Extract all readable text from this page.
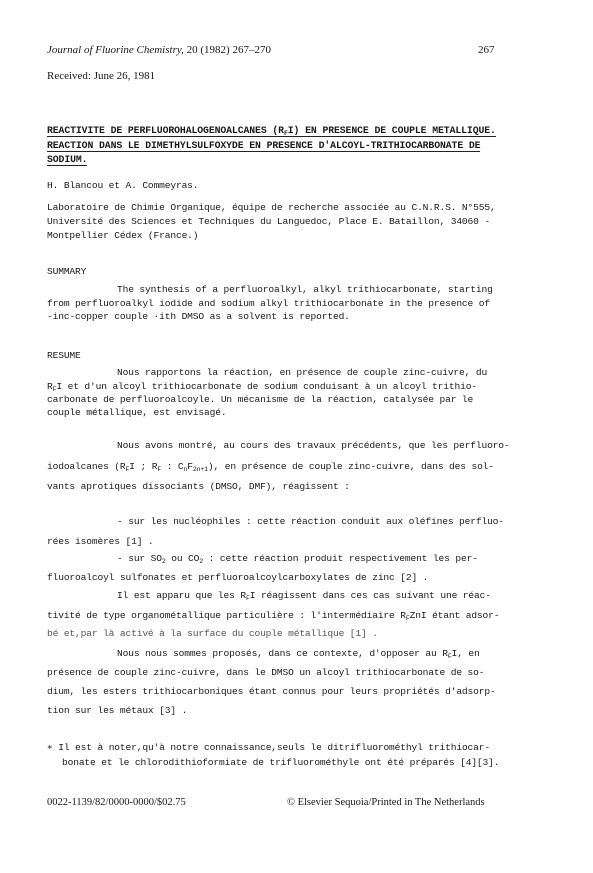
Journal of Fluorine Chemistry, 20 (1982) 267–270	267
Received: June 26, 1981
REACTIVITE DE PERFLUOROHALOGENOALCANES $(R_FI)$ EN PRESENCE DE COUPLE METALLIQUE.
REACTION DANS LE DIMETHYLSULFOXYDE EN PRESENCE D'ALCOYL-TRITHIOCARBONATE DE
SODIUM.
H. Blancou et A. Commeyras.
Laboratoire de Chimie Organique, équipe de recherche associée au C.N.R.S. N°555,
Université des Sciences et Techniques du Languedoc, Place E. Bataillon, 34060 -
Montpellier Cédex (France.)
SUMMARY
The synthesis of a perfluoroalkyl, alkyl trithiocarbonate, starting
from perfluoroalkyl iodide and sodium alkyl trithiocarbonate in the presence of
-inc-copper couple ·ith DMSO as a solvent is reported.
RESUME
Nous rapportons la réaction, en présence de couple zinc-cuivre, du
$R_FI$ et d'un alcoyl trithiocarbonate de sodium conduisant à un alcoyl trithio-
carbonate de perfluoroalcoyle. Un mécanisme de la réaction, catalysée par le
couple métallique, est envisagé.
Nous avons montré, au cours des travaux précédents, que les perfluoro-
iodoalcanes ($R_FI$ ; $R_F$ : $C_nF_{2n+1}$), en présence de couple zinc-cuivre, dans des sol-
vants aprotiques dissociants (DMSO, DMF), réagissent :
- sur les nucléophiles : cette réaction conduit aux oléfines perfluo-
rées isomères [1] .
- sur $SO_2$ ou $CO_2$ : cette réaction produit respectivement les per-
fluoroalcoyl sulfonates et perfluoroalcoylcarboxylates de zinc [2] .
Il est apparu que les $R_FI$ réagissent dans ces cas suivant une réac-
tivité de type organométallique particulière : l'intermédiaire $R_FZnI$ étant adsor-
bé et,par là activé à la surface du couple métallique [1] .
Nous nous sommes proposés, dans ce contexte, d'opposer au $R_FI$, en
présence de couple zinc-cuivre, dans le DMSO un alcoyl trithiocarbonate de so-
dium, les esters trithiocarboniques étant connus pour leurs propriétés d'adsorp-
tion sur les métaux [3] .
∗ Il est à noter,qu'à notre connaissance,seuls le ditrifluorométhyl trithiocar-
bonate et le chlorodithioformiate de trifluorométhyle ont été préparés [4][3].
0022-1139/82/0000-0000/$02.75	© Elsevier Sequoia/Printed in The Netherlands
